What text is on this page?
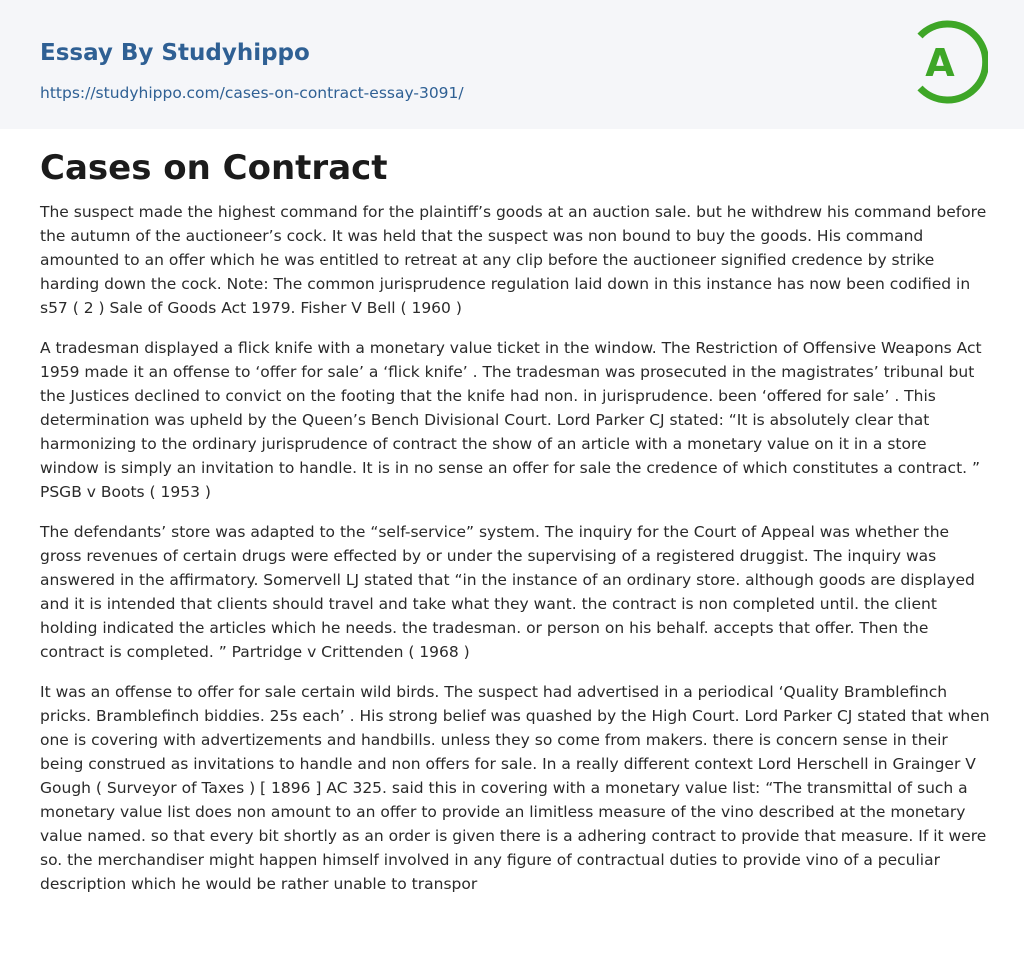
Essay By Studyhippo
https://studyhippo.com/cases-on-contract-essay-3091/
A
Cases on Contract

The suspect made the highest command for the plaintiff’s goods at an auction sale. but he withdrew his command before the autumn of the auctioneer’s cock. It was held that the suspect was non bound to buy the goods. His command amounted to an offer which he was entitled to retreat at any clip before the auctioneer signified credence by strike harding down the cock. Note: The common jurisprudence regulation laid down in this instance has now been codified in s57 ( 2 ) Sale of Goods Act 1979. Fisher V Bell ( 1960 )

A tradesman displayed a flick knife with a monetary value ticket in the window. The Restriction of Offensive Weapons Act 1959 made it an offense to ‘offer for sale’ a ‘flick knife’ . The tradesman was prosecuted in the magistrates’ tribunal but the Justices declined to convict on the footing that the knife had non. in jurisprudence. been ‘offered for sale’ . This determination was upheld by the Queen’s Bench Divisional Court. Lord Parker CJ stated: “It is absolutely clear that harmonizing to the ordinary jurisprudence of contract the show of an article with a monetary value on it in a store window is simply an invitation to handle. It is in no sense an offer for sale the credence of which constitutes a contract. ” PSGB v Boots ( 1953 )

The defendants’ store was adapted to the “self-service” system. The inquiry for the Court of Appeal was whether the gross revenues of certain drugs were effected by or under the supervising of a registered druggist. The inquiry was answered in the affirmatory. Somervell LJ stated that “in the instance of an ordinary store. although goods are displayed and it is intended that clients should travel and take what they want. the contract is non completed until. the client holding indicated the articles which he needs. the tradesman. or person on his behalf. accepts that offer. Then the contract is completed. ” Partridge v Crittenden ( 1968 )

It was an offense to offer for sale certain wild birds. The suspect had advertised in a periodical ‘Quality Bramblefinch pricks. Bramblefinch biddies. 25s each’ . His strong belief was quashed by the High Court. Lord Parker CJ stated that when one is covering with advertizements and handbills. unless they so come from makers. there is concern sense in their being construed as invitations to handle and non offers for sale. In a really different context Lord Herschell in Grainger V Gough ( Surveyor of Taxes ) [ 1896 ] AC 325. said this in covering with a monetary value list: “The transmittal of such a monetary value list does non amount to an offer to provide an limitless measure of the vino described at the monetary value named. so that every bit shortly as an order is given there is a adhering contract to provide that measure. If it were so. the merchandiser might happen himself involved in any figure of contractual duties to provide vino of a peculiar description which he would be rather unable to transpor
